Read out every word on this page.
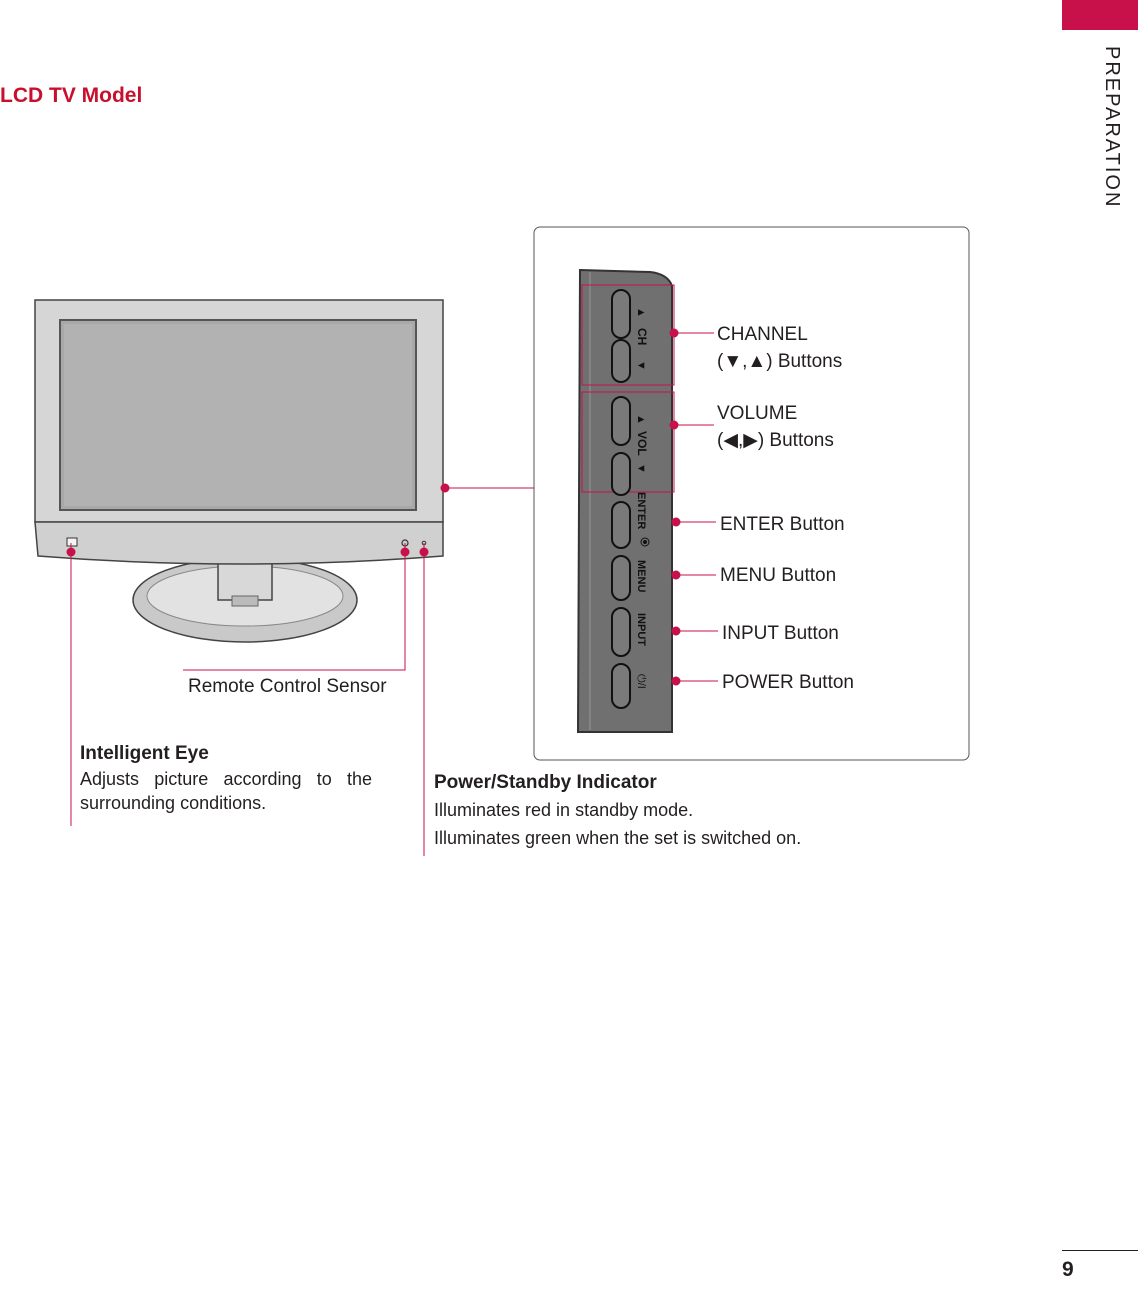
LCD TV Model	PREPARATION
9
▲
CH
▼
▲
VOL
▼
ENTER
MENU
INPUT
⏻/I
CHANNEL
(▼,▲) Buttons
VOLUME
(◀,▶) Buttons
ENTER Button
MENU Button
INPUT Button
POWER Button
Remote Control Sensor
Intelligent Eye
Adjusts picture according to the surrounding conditions.
Power/Standby Indicator
Illuminates red in standby mode.
Illuminates green when the set is switched on.
